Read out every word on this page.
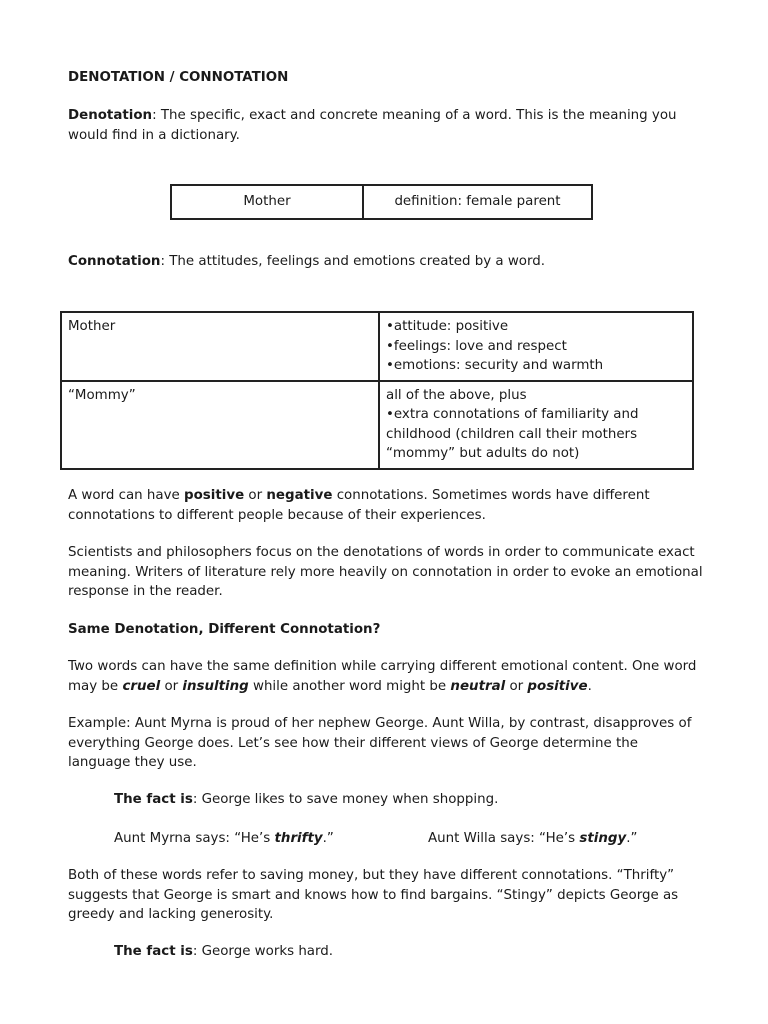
DENOTATION / CONNOTATION

Denotation: The specific, exact and concrete meaning of a word. This is the meaning you would find in a dictionary.

Mother	definition: female parent

Connotation: The attitudes, feelings and emotions created by a word.

Mother	• attitude: positive
• feelings: love and respect
• emotions: security and warmth

“Mommy”	all of the above, plus
• extra connotations of familiarity and childhood (children call their mothers “mommy” but adults do not)

A word can have positive or negative connotations. Sometimes words have different connotations to different people because of their experiences.

Scientists and philosophers focus on the denotations of words in order to communicate exact meaning. Writers of literature rely more heavily on connotation in order to evoke an emotional response in the reader.

Same Denotation, Different Connotation?

Two words can have the same definition while carrying different emotional content. One word may be cruel or insulting while another word might be neutral or positive.

Example: Aunt Myrna is proud of her nephew George. Aunt Willa, by contrast, disapproves of everything George does. Let’s see how their different views of George determine the language they use.

The fact is: George likes to save money when shopping.

Aunt Myrna says: “He’s thrifty.”	Aunt Willa says: “He’s stingy.”

Both of these words refer to saving money, but they have different connotations. “Thrifty” suggests that George is smart and knows how to find bargains. “Stingy” depicts George as greedy and lacking generosity.

The fact is: George works hard.
